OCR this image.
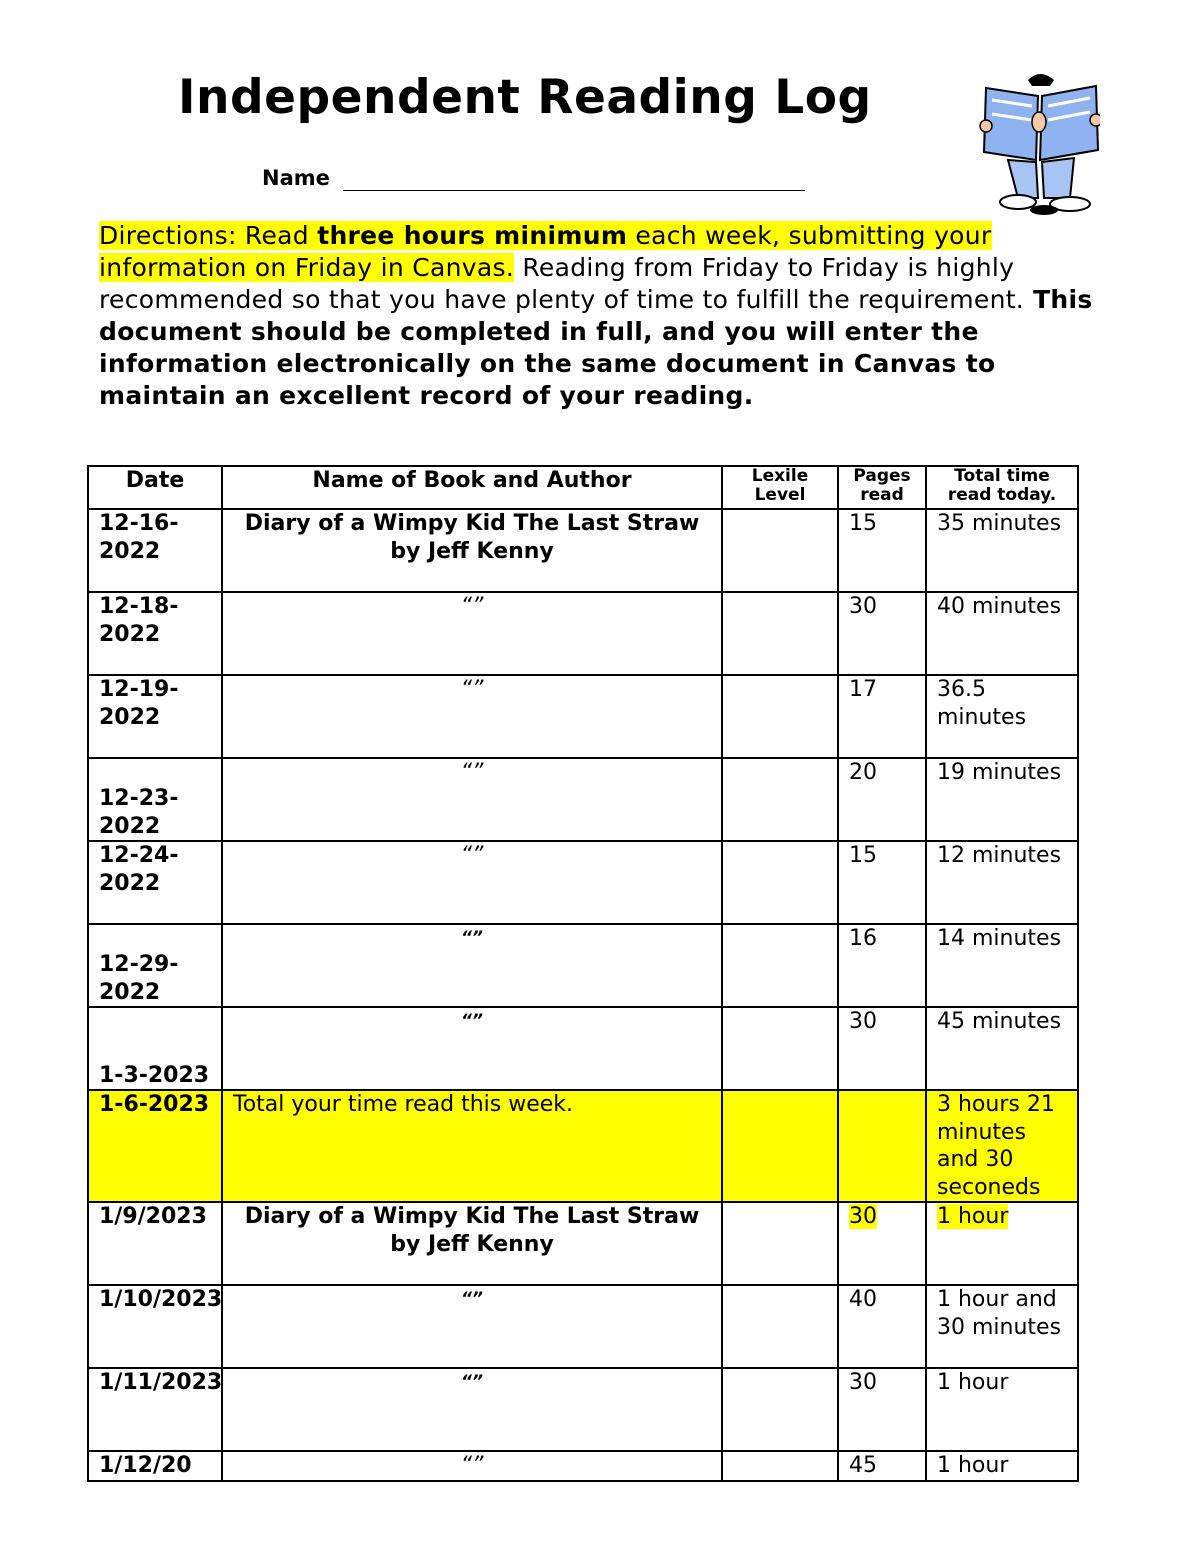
Independent Reading Log
Name
Directions: Read three hours minimum each week, submitting your information on Friday in Canvas. Reading from Friday to Friday is highly recommended so that you have plenty of time to fulfill the requirement. This document should be completed in full, and you will enter the information electronically on the same document in Canvas to maintain an excellent record of your reading.
Date	Name of Book and Author	Lexile Level	Pages read	Total time read today.
12-16-2022	Diary of a Wimpy Kid The Last Straw by Jeff Kenny		15	35 minutes
12-18-2022	“”		30	40 minutes
12-19-2022	“”		17	36.5 minutes
12-23-2022	“”		20	19 minutes
12-24-2022	“”		15	12 minutes
12-29-2022	“”		16	14 minutes
1-3-2023	“”		30	45 minutes
1-6-2023	Total your time read this week.			3 hours 21 minutes and 30 seconeds
1/9/2023	Diary of a Wimpy Kid The Last Straw by Jeff Kenny		30	1 hour
1/10/2023	“”		40	1 hour and 30 minutes
1/11/2023	“”		30	1 hour
1/12/20	“”		45	1 hour
